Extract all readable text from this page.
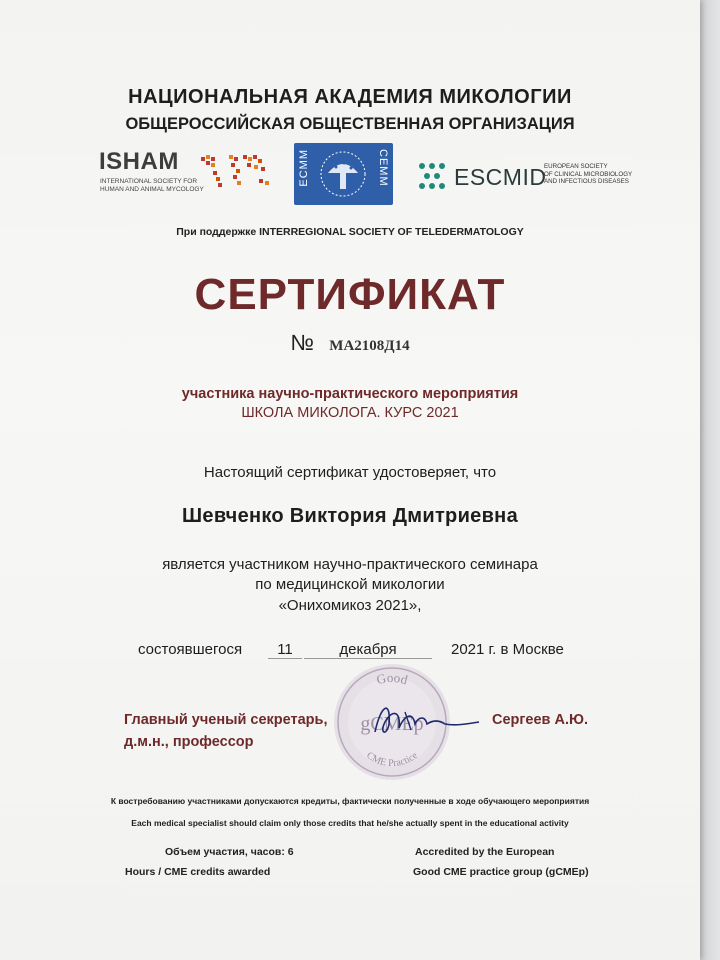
НАЦИОНАЛЬНАЯ АКАДЕМИЯ МИКОЛОГИИ
ОБЩЕРОССИЙСКАЯ ОБЩЕСТВЕННАЯ ОРГАНИЗАЦИЯ
ISHAM
INTERNATIONAL SOCIETY FOR
HUMAN AND ANIMAL MYCOLOGY
ECMM	CEMM	ESCMID
EUROPEAN SOCIETY
OF CLINICAL MICROBIOLOGY
AND INFECTIOUS DISEASES
При поддержке INTERREGIONAL SOCIETY OF TELEDERMATOLOGY
СЕРТИФИКАТ
№ МА2108Д14
участника научно-практического мероприятия
ШКОЛА МИКОЛОГА. КУРС 2021
Настоящий сертификат удостоверяет, что
Шевченко Виктория Дмитриевна
является участником научно-практического семинара
по медицинской микологии
«Онихомикоз 2021»,
состоявшегося	11	декабря	2021 г. в Москве
Good
gCMEp
CME Practice
Главный ученый секретарь,
д.м.н., профессор
Сергеев А.Ю.
К востребованию участниками допускаются кредиты, фактически полученные в ходе обучающего мероприятия
Each medical specialist should claim only those credits that he/she actually spent in the educational activity
Объем участия, часов: 6
Hours / CME credits awarded
Accredited by the European
Good CME practice group (gCMEp)
